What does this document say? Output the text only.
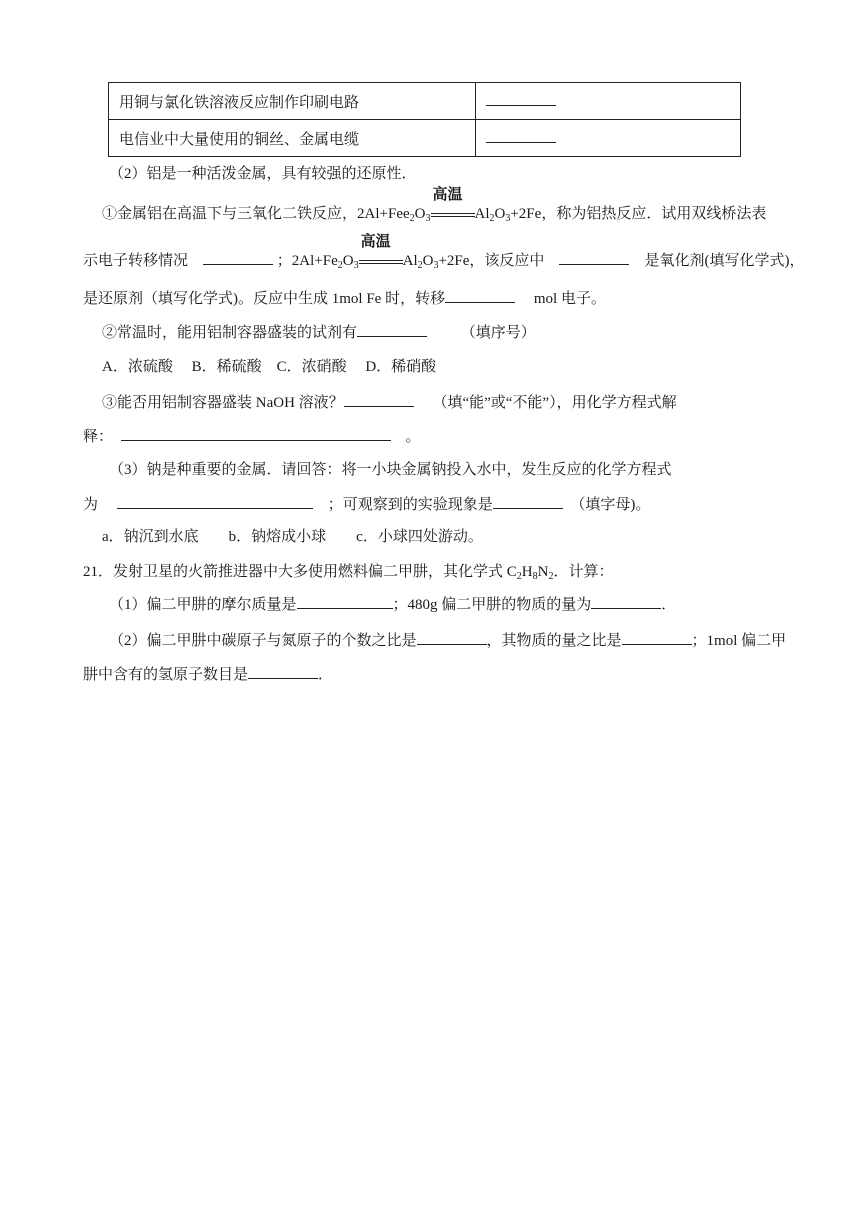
用铜与氯化铁溶液反应制作印刷电路	
电信业中大量使用的铜丝、金属电缆	
（2）铝是一种活泼金属，具有较强的还原性．
①金属铝在高温下与三氧化二铁反应，$2Al+Fee_2O_3$
高温
$Al_2O_3+2Fe$，称为铝热反应．试用双线桥法表
示电子转移情况　	；$2Al+Fe_2O_3$
高温
$Al_2O_3+2Fe$，该反应中　　	是氧化剂(填写化学式)，
是还原剂（填写化学式)。反应中生成 1mol Fe 时，转移　	mol 电子。
②常温时，能用铝制容器盛装的试剂有　　	（填序号）
A．浓硫酸　 B．稀硫酸　C．浓硝酸　 D．稀硝酸
③能否用铝制容器盛装 NaOH 溶液？　	（填“能”或“不能”），用化学方程式解
释：　　	。
（3）钠是种重要的金属．请回答：将一小块金属钠投入水中，发生反应的化学方程式
为　 　	；可观察到的实验现象是　	（填字母)。
a．钠沉到水底　　b．钠熔成小球　　c．小球四处游动。
21．发射卫星的火箭推进器中大多使用燃料偏二甲肼，其化学式 $C_2H_8N_2$．计算：
（1）偏二甲肼的摩尔质量是	；480g 偏二甲肼的物质的量为	．
（2）偏二甲肼中碳原子与氮原子的个数之比是	，其物质的量之比是	；1mol 偏二甲
肼中含有的氢原子数目是	．
